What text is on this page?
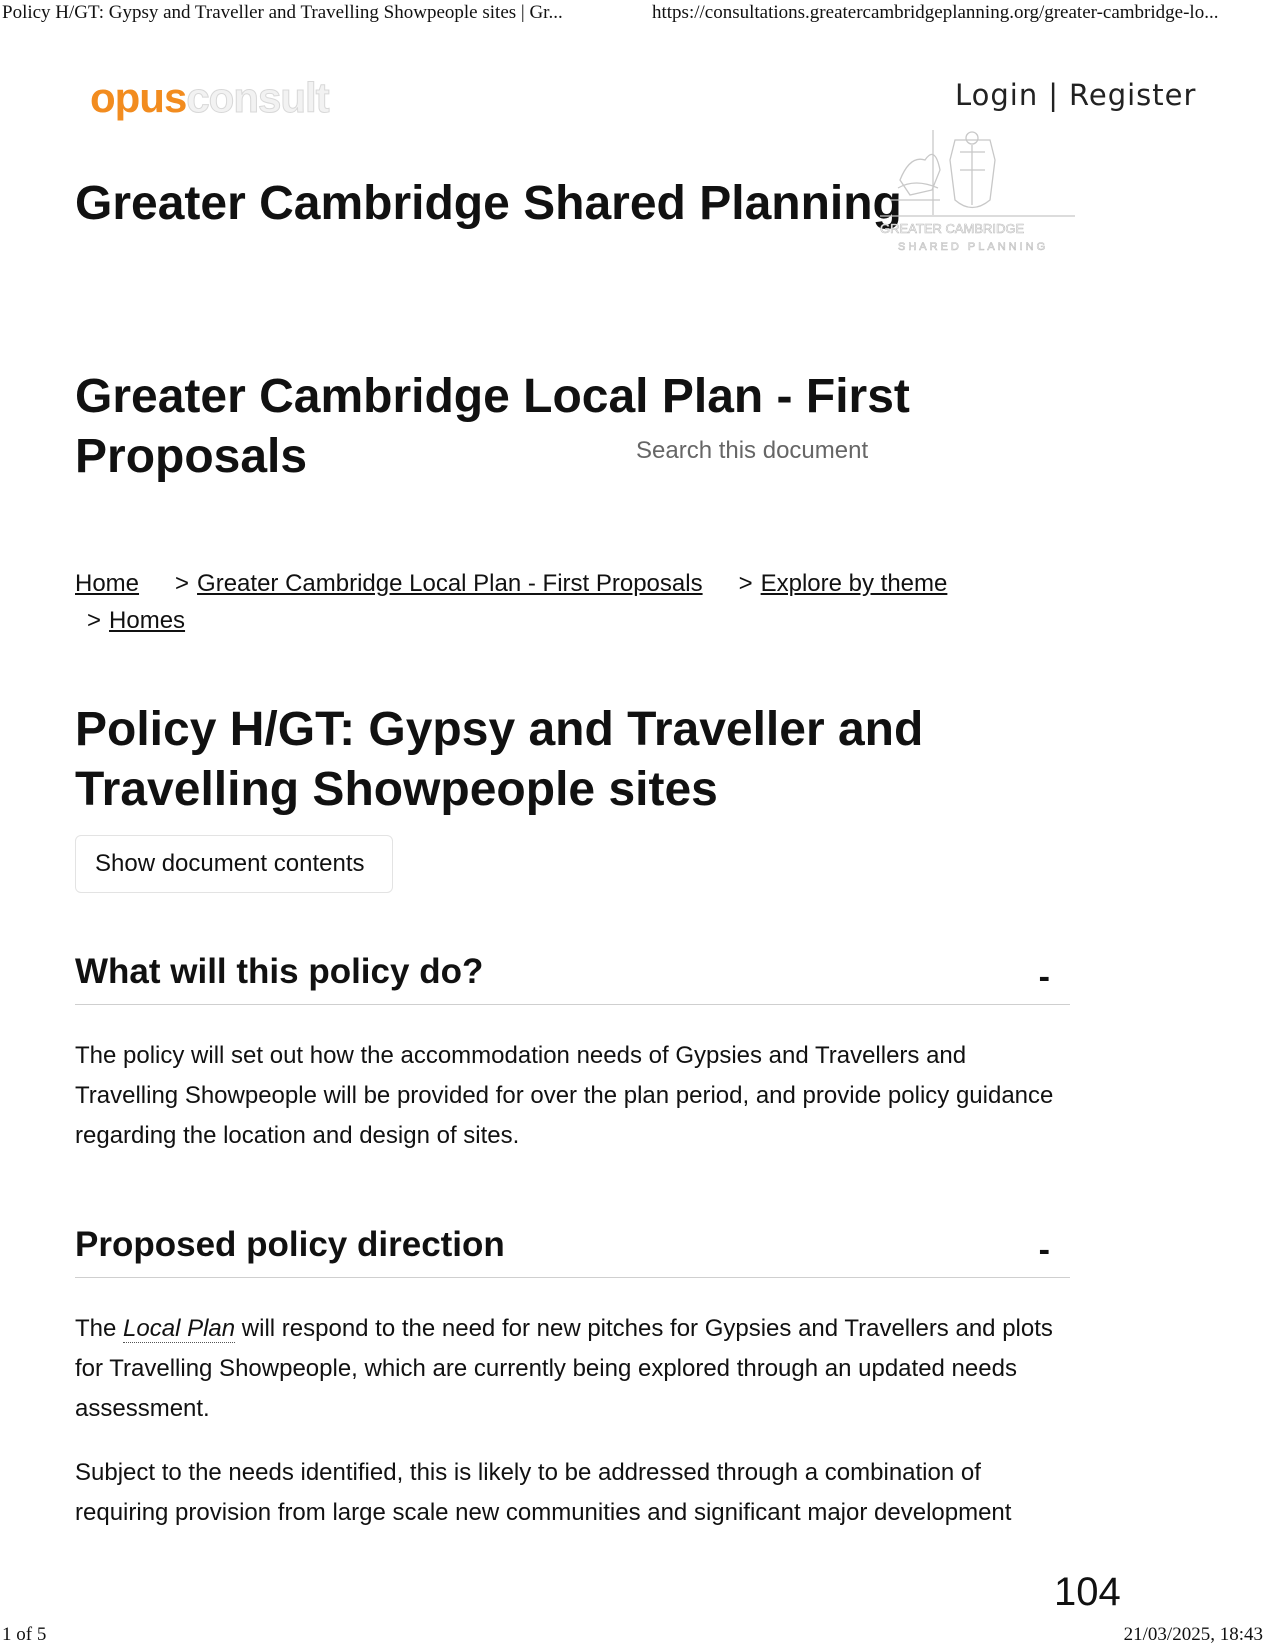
Policy H/GT: Gypsy and Traveller and Travelling Showpeople sites | Gr...	https://consultations.greatercambridgeplanning.org/greater-cambridge-lo...
opusconsult	Login | Register
Greater Cambridge Shared Planning
GREATER CAMBRIDGE
SHARED PLANNING
Greater Cambridge Local Plan - First Proposals
Search this document
Home > Greater Cambridge Local Plan - First Proposals > Explore by theme
> Homes
Policy H/GT: Gypsy and Traveller and Travelling Showpeople sites
Show document contents
What will this policy do?	-

The policy will set out how the accommodation needs of Gypsies and Travellers and Travelling Showpeople will be provided for over the plan period, and provide policy guidance regarding the location and design of sites.

Proposed policy direction	-

The Local Plan will respond to the need for new pitches for Gypsies and Travellers and plots for Travelling Showpeople, which are currently being explored through an updated needs assessment.

Subject to the needs identified, this is likely to be addressed through a combination of requiring provision from large scale new communities and significant major development

104
1 of 5	21/03/2025, 18:43
